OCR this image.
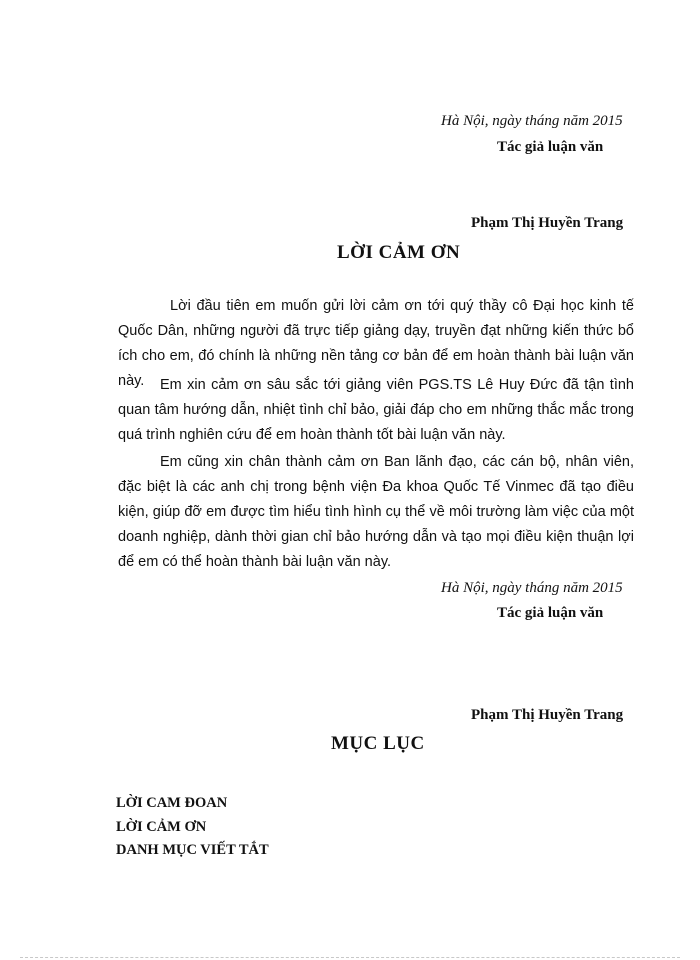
Hà Nội, ngày tháng năm 2015
Tác giả luận văn
Phạm Thị Huyền Trang
LỜI CẢM ƠN
Lời đầu tiên em muốn gửi lời cảm ơn tới quý thầy cô Đại học kinh tế Quốc Dân, những người đã trực tiếp giảng dạy, truyền đạt những kiến thức bổ ích cho em, đó chính là những nền tảng cơ bản để em hoàn thành bài luận văn này.	Em xin cảm ơn sâu sắc tới giảng viên PGS.TS Lê Huy Đức đã tận tình quan tâm hướng dẫn, nhiệt tình chỉ bảo, giải đáp cho em những thắc mắc trong quá trình nghiên cứu để em hoàn thành tốt bài luận văn này.
Em cũng xin chân thành cảm ơn Ban lãnh đạo, các cán bộ, nhân viên, đặc biệt là các anh chị trong bệnh viện Đa khoa Quốc Tế Vinmec đã tạo điều kiện, giúp đỡ em được tìm hiểu tình hình cụ thể về môi trường làm việc của một doanh nghiệp, dành thời gian chỉ bảo hướng dẫn và tạo mọi điều kiện thuận lợi để em có thể hoàn thành bài luận văn này.
Hà Nội, ngày tháng năm 2015
Tác giả luận văn
Phạm Thị Huyền Trang
MỤC LỤC
LỜI CAM ĐOAN
LỜI CẢM ƠN
DANH MỤC VIẾT TẮT
